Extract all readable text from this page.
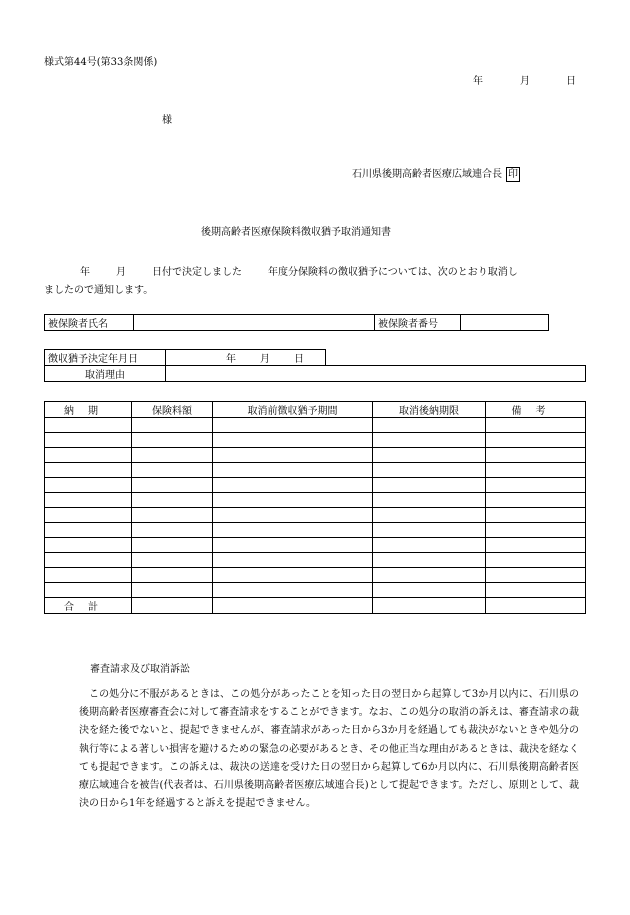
様式第44号(第33条関係)
年	月	日
様
石川県後期高齢者医療広域連合長 印
後期高齢者医療保険料徴収猶予取消通知書
年	月	日付で決定しました	年度分保険料の徴収猶予については、次のとおり取消し
ましたので通知します。
被保険者氏名		被保険者番号	
徴収猶予決定年月日	年 月 日
取消理由	
納期	保険料額	取消前徴収猶予期間	取消後納期限	備考

合計				
審査請求及び取消訴訟
この処分に不服があるときは、この処分があったことを知った日の翌日から起算して3か月以内に、石川県の後期高齢者医療審査会に対して審査請求をすることができます。なお、この処分の取消の訴えは、審査請求の裁決を経た後でないと、提起できませんが、審査請求があった日から3か月を経過しても裁決がないときや処分の執行等による著しい損害を避けるための緊急の必要があるとき、その他正当な理由があるときは、裁決を経なくても提起できます。この訴えは、裁決の送達を受けた日の翌日から起算して6か月以内に、石川県後期高齢者医療広域連合を被告(代表者は、石川県後期高齢者医療広域連合長)として提起できます。ただし、原則として、裁決の日から1年を経過すると訴えを提起できません。
